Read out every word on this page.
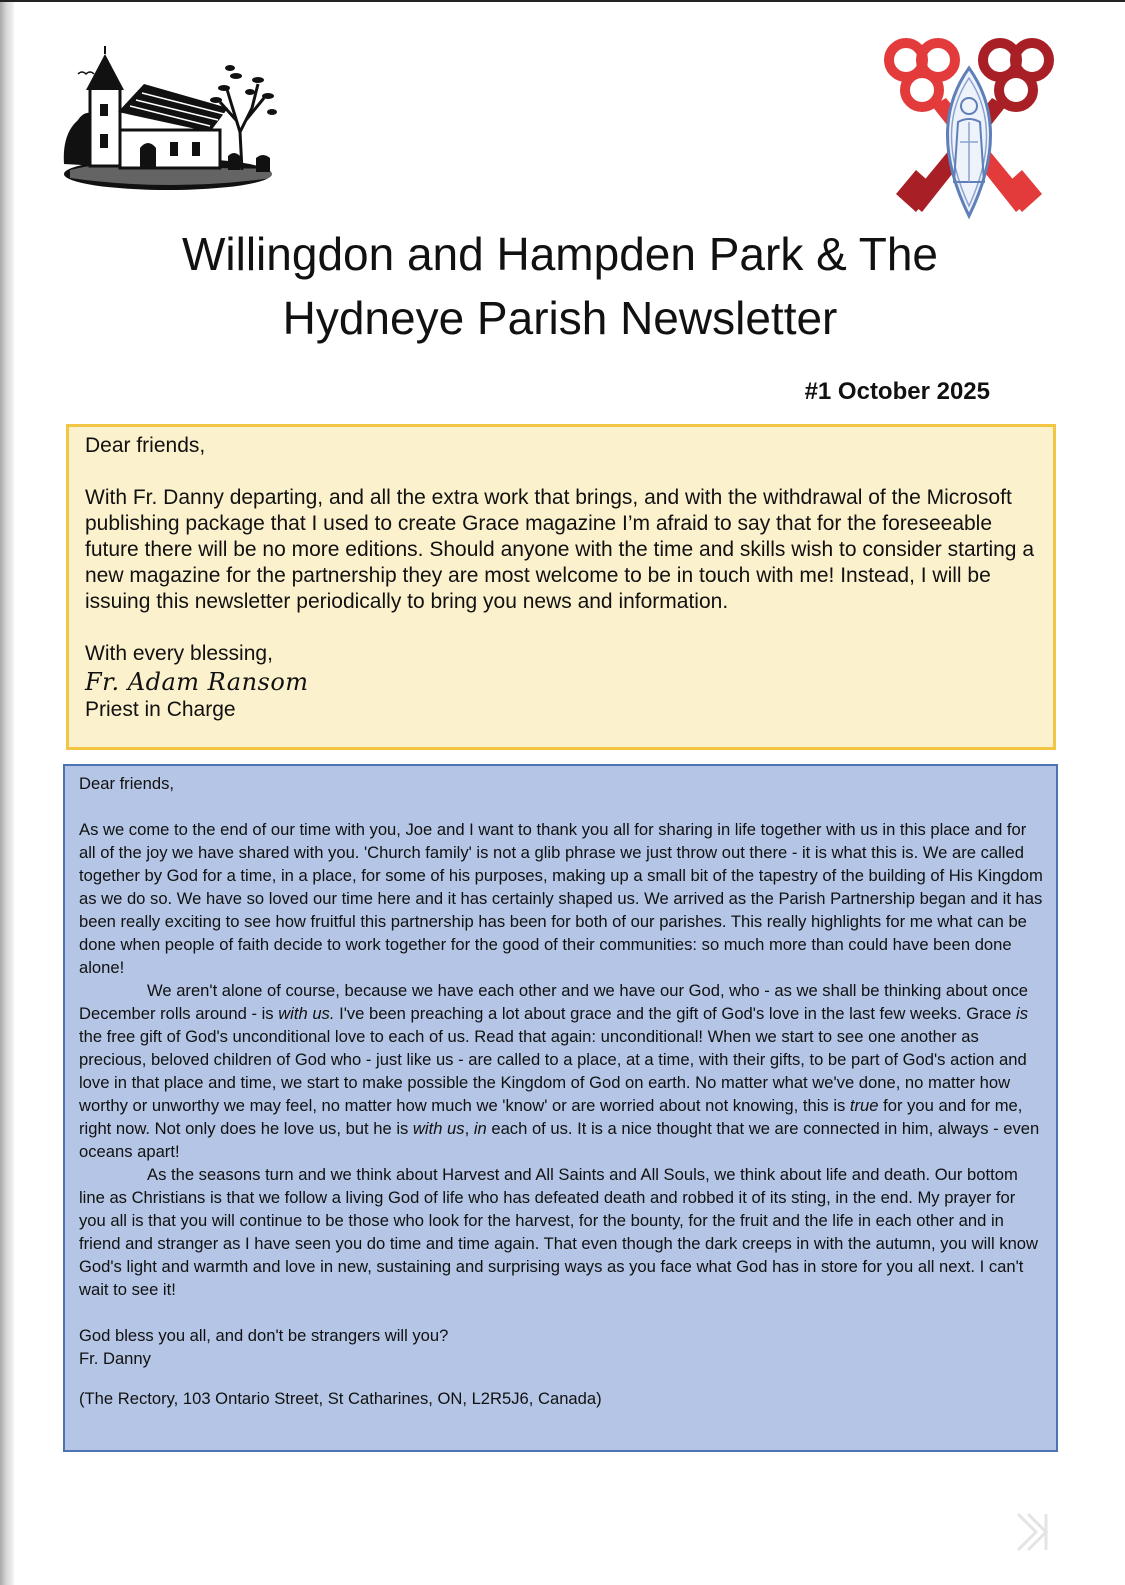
Willingdon and Hampden Park & The
Hydneye Parish Newsletter
#1 October 2025

Dear friends,

With Fr. Danny departing, and all the extra work that brings, and with the withdrawal of the Microsoft publishing package that I used to create Grace magazine I’m afraid to say that for the foreseeable future there will be no more editions. Should anyone with the time and skills wish to consider starting a new magazine for the partnership they are most welcome to be in touch with me! Instead, I will be issuing this newsletter periodically to bring you news and information.

With every blessing,

Fr. Adam Ransom

Priest in Charge

Dear friends,

As we come to the end of our time with you, Joe and I want to thank you all for sharing in life together with us in this place and for all of the joy we have shared with you. 'Church family' is not a glib phrase we just throw out there - it is what this is. We are called together by God for a time, in a place, for some of his purposes, making up a small bit of the tapestry of the building of His Kingdom as we do so. We have so loved our time here and it has certainly shaped us. We arrived as the Parish Partnership began and it has been really exciting to see how fruitful this partnership has been for both of our parishes. This really highlights for me what can be done when people of faith decide to work together for the good of their communities: so much more than could have been done alone!

We aren't alone of course, because we have each other and we have our God, who - as we shall be thinking about once December rolls around - is with us. I've been preaching a lot about grace and the gift of God's love in the last few weeks. Grace is the free gift of God's unconditional love to each of us. Read that again: unconditional! When we start to see one another as precious, beloved children of God who - just like us - are called to a place, at a time, with their gifts, to be part of God's action and love in that place and time, we start to make possible the Kingdom of God on earth. No matter what we've done, no matter how worthy or unworthy we may feel, no matter how much we 'know' or are worried about not knowing, this is true for you and for me, right now. Not only does he love us, but he is with us, in each of us. It is a nice thought that we are connected in him, always - even oceans apart!

As the seasons turn and we think about Harvest and All Saints and All Souls, we think about life and death. Our bottom line as Christians is that we follow a living God of life who has defeated death and robbed it of its sting, in the end. My prayer for you all is that you will continue to be those who look for the harvest, for the bounty, for the fruit and the life in each other and in friend and stranger as I have seen you do time and time again. That even though the dark creeps in with the autumn, you will know God's light and warmth and love in new, sustaining and surprising ways as you face what God has in store for you all next. I can't wait to see it!

God bless you all, and don't be strangers will you?

Fr. Danny

(The Rectory, 103 Ontario Street, St Catharines, ON, L2R5J6, Canada)
